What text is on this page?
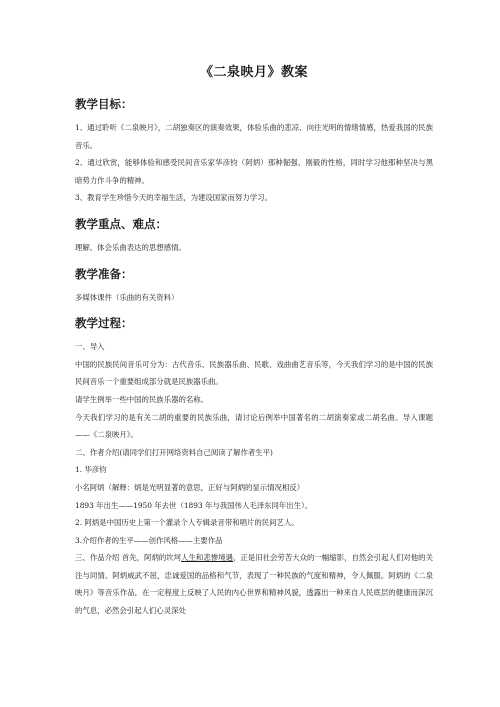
《二泉映月》教案
教学目标：

1、通过聆听《二泉映月》，二胡独奏区的演奏效果，体验乐曲的悲凉、向往光明的情绪情感，热爱我国的民族音乐。

2、通过欣赏，能够体验和感受民间音乐家华彦钧（阿炳）那种倔强、刚毅的性格，同时学习他那种坚决与黑暗势力作斗争的精神。

3、教育学生珍惜今天的幸福生活，为建设国家而努力学习。

教学重点、难点：

理解、体会乐曲表达的思想感情。

教学准备：

多媒体课件（乐曲的有关资料）

教学过程：

一、导入

中国的民族民间音乐可分为：古代音乐、民族器乐曲、民歌、戏曲曲艺音乐等，今天我们学习的是中国的民族民间音乐一个重要组成部分就是民族器乐曲。

请学生例举一些中国的民族乐器的名称。

今天我们学习的是有关二胡的重要的民族乐曲，请讨论后例举中国著名的二胡演奏家或二胡名曲。导入课题——《二泉映月》。

二、作者介绍(请同学们打开网络资料自己阅读了解作者生平)

1. 华彦钧

小名阿炳（解释：炳是光明显著的意思，正好与阿炳的显示情况相反）

1893 年出生——1950 年去世（1893 年与我国伟人毛泽东同年出生）。

2. 阿炳是中国历史上第一个灌录个人专辑录音带和唱片的民间艺人。

3.介绍作者的生平——创作风格——主要作品

三、作品介绍 首先，阿炳的坎坷人生和悲惨境遇，正是旧社会劳苦大众的一幅缩影，自然会引起人们对他的关注与同情。阿炳威武不屈，忠诚爱国的品格和气节，表现了一种民族的气度和精神，令人佩服。阿炳的《二泉映月》等音乐作品，在一定程度上反映了人民的内心世界和精神风貌，透露出一种来自人民底层的健康而深沉的气息，必然会引起人们心灵深处
